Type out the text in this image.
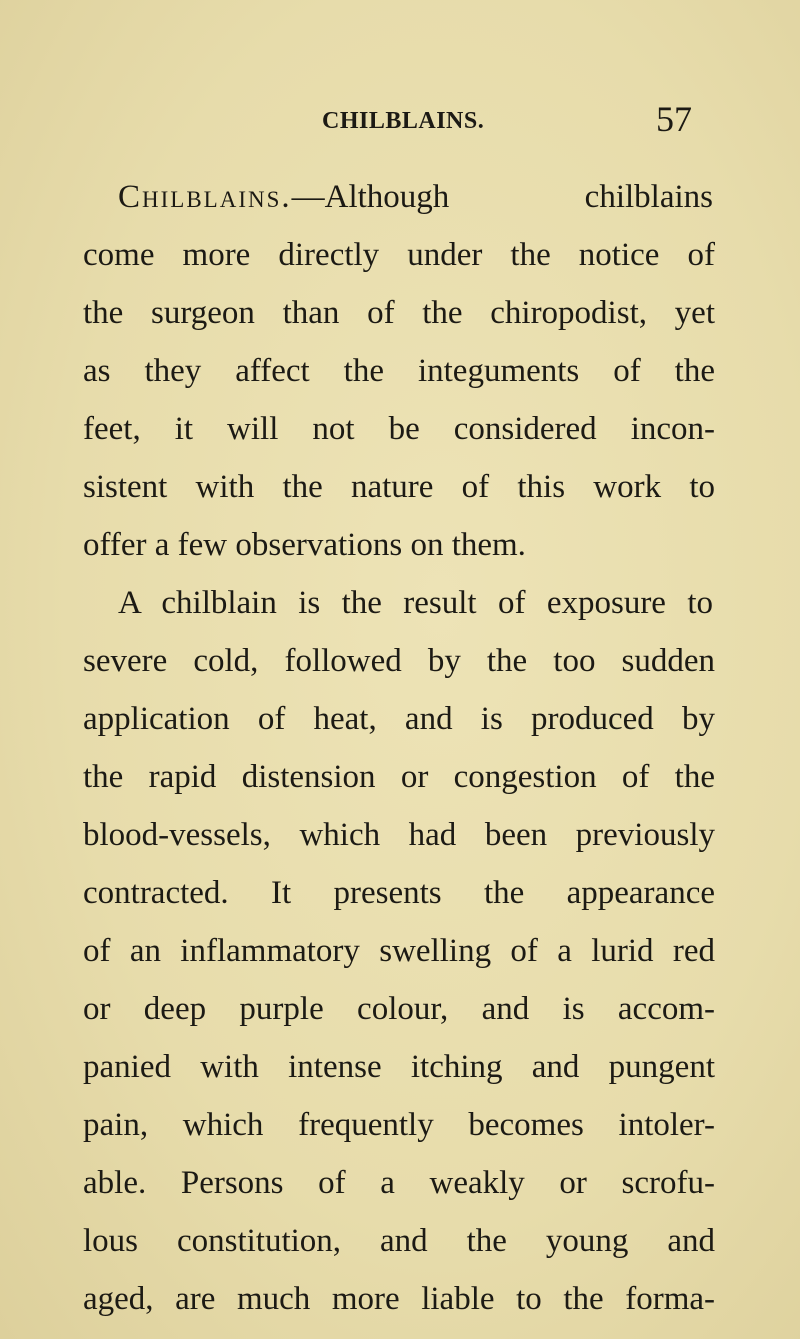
CHILBLAINS.	57
Chilblains.—Although chilblains
come more directly under the notice of
the surgeon than of the chiropodist, yet
as they affect the integuments of the
feet, it will not be considered incon-
sistent with the nature of this work to
offer a few observations on them.
A chilblain is the result of exposure to
severe cold, followed by the too sudden
application of heat, and is produced by
the rapid distension or congestion of the
blood-vessels, which had been previously
contracted. It presents the appearance
of an inflammatory swelling of a lurid red
or deep purple colour, and is accom-
panied with intense itching and pungent
pain, which frequently becomes intoler-
able. Persons of a weakly or scrofu-
lous constitution, and the young and
aged, are much more liable to the forma-
